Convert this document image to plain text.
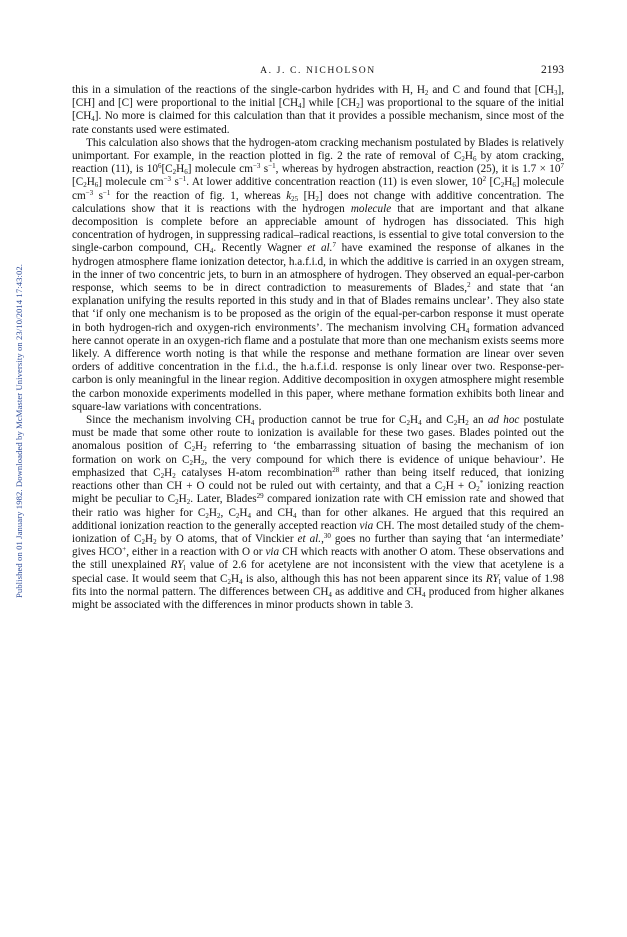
Published on 01 January 1982. Downloaded by McMaster University on 23/10/2014 17:43:02.
A. J. C. NICHOLSON	2193

this in a simulation of the reactions of the single-carbon hydrides with H, $H_2$ and C and found that $[CH_3]$, [CH] and [C] were proportional to the initial $[CH_4]$ while $[CH_2]$ was proportional to the square of the initial $[CH_4]$. No more is claimed for this calculation than that it provides a possible mechanism, since most of the rate constants used were estimated.

This calculation also shows that the hydrogen-atom cracking mechanism postulated by Blades is relatively unimportant. For example, in the reaction plotted in fig. 2 the rate of removal of $C_2H_6$ by atom cracking, reaction (11), is $10^6[C_2H_6]$ molecule $cm^{-3}$ $s^{-1}$, whereas by hydrogen abstraction, reaction (25), it is $1.7 \times 10^7$ $[C_2H_6]$ molecule $cm^{-3}$ $s^{-1}$. At lower additive concentration reaction (11) is even slower, $10^2$ $[C_2H_6]$ molecule $cm^{-3}$ $s^{-1}$ for the reaction of fig. 1, whereas $k_{25}$ $[H_2]$ does not change with additive concentration. The calculations show that it is reactions with the hydrogen molecule that are important and that alkane decomposition is complete before an appreciable amount of hydrogen has dissociated. This high concentration of hydrogen, in suppressing radical–radical reactions, is essential to give total conversion to the single-carbon compound, $CH_4$. Recently Wagner et al.$^7$ have examined the response of alkanes in the hydrogen atmosphere flame ionization detector, h.a.f.i.d, in which the additive is carried in an oxygen stream, in the inner of two concentric jets, to burn in an atmosphere of hydrogen. They observed an equal-per-carbon response, which seems to be in direct contradiction to measurements of Blades,$^2$ and state that ‘an explanation unifying the results reported in this study and in that of Blades remains unclear’. They also state that ‘if only one mechanism is to be proposed as the origin of the equal-per-carbon response it must operate in both hydrogen-rich and oxygen-rich environments’. The mechanism involving $CH_4$ formation advanced here cannot operate in an oxygen-rich flame and a postulate that more than one mechanism exists seems more likely. A difference worth noting is that while the response and methane formation are linear over seven orders of additive concentration in the f.i.d., the h.a.f.i.d. response is only linear over two. Response-per-carbon is only meaningful in the linear region. Additive decomposition in oxygen atmosphere might resemble the carbon monoxide experiments modelled in this paper, where methane formation exhibits both linear and square-law variations with concentrations.

Since the mechanism involving $CH_4$ production cannot be true for $C_2H_4$ and $C_2H_2$ an ad hoc postulate must be made that some other route to ionization is available for these two gases. Blades pointed out the anomalous position of $C_2H_2$ referring to ‘the embarrassing situation of basing the mechanism of ion formation on work on $C_2H_2$, the very compound for which there is evidence of unique behaviour’. He emphasized that $C_2H_2$ catalyses H-atom recombination$^{28}$ rather than being itself reduced, that ionizing reactions other than CH + O could not be ruled out with certainty, and that a $C_2H + O_2^*$ ionizing reaction might be peculiar to $C_2H_2$. Later, Blades$^{29}$ compared ionization rate with CH emission rate and showed that their ratio was higher for $C_2H_2$, $C_2H_4$ and $CH_4$ than for other alkanes. He argued that this required an additional ionization reaction to the generally accepted reaction via CH. The most detailed study of the chem-ionization of $C_2H_2$ by O atoms, that of Vinckier et al.,$^{30}$ goes no further than saying that ‘an intermediate’ gives HCO+, either in a reaction with O or via CH which reacts with another O atom. These observations and the still unexplained $RY_l$ value of 2.6 for acetylene are not inconsistent with the view that acetylene is a special case. It would seem that $C_2H_4$ is also, although this has not been apparent since its $RY_l$ value of 1.98 fits into the normal pattern. The differences between $CH_4$ as additive and $CH_4$ produced from higher alkanes might be associated with the differences in minor products shown in table 3.
